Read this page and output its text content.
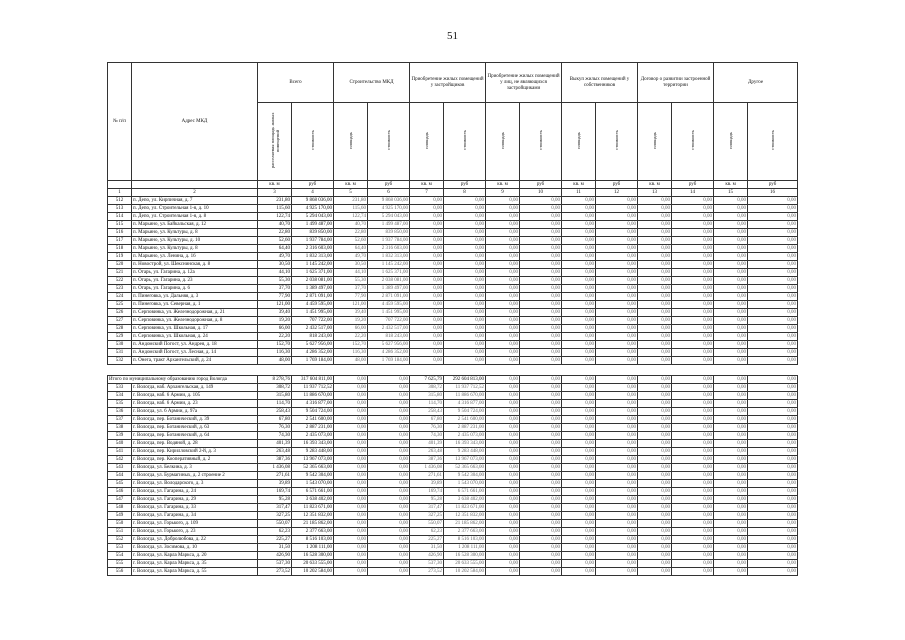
51
№ п/п	Адрес МКД	Всего		Строительство МКД		Приобретение жилых помещений у застройщиков		Приобретение жилых помещений у лиц, не являющихся застройщиками		Выкуп жилых помещений у собственников		Договор о развитии застроенной территории		Другое	
		расселяемая площадь жилых помещений	стоимость	площадь	стоимость	площадь	стоимость	площадь	стоимость	площадь	стоимость	площадь	стоимость	площадь	стоимость
		кв. м	руб	кв. м	руб	кв. м	руб	кв. м	руб	кв. м	руб	кв. м	руб	кв. м	руб
1	2	3	4	5	6	7	8	9	10	11	12	13	14	15	16
512	п. Депо, ул. Кирпичная, д. 7	231,80	9 868 036,00	231,80	9 868 036,00	0,00	0,00	0,00	0,00	0,00	0,00	0,00	0,00	0,00	0,00
513	п. Депо, ул. Строительная 1-я, д. 10	115,60	4 925 170,00	115,60	4 925 170,00	0,00	0,00	0,00	0,00	0,00	0,00	0,00	0,00	0,00	0,00
514	п. Депо, ул. Строительная 1-я, д. 8	122,74	5 294 043,00	122,74	5 294 043,00	0,00	0,00	0,00	0,00	0,00	0,00	0,00	0,00	0,00	0,00
515	п. Марьино, ул. Байкальская, д. 12	40,70	1 499 487,00	40,70	1 499 487,00	0,00	0,00	0,00	0,00	0,00	0,00	0,00	0,00	0,00	0,00
516	п. Марьино, ул. Культуры, д. 8	22,80	839 850,00	22,80	839 850,00	0,00	0,00	0,00	0,00	0,00	0,00	0,00	0,00	0,00	0,00
517	п. Марьино, ул. Культуры, д. 10	52,60	1 937 784,00	52,60	1 937 784,00	0,00	0,00	0,00	0,00	0,00	0,00	0,00	0,00	0,00	0,00
518	п. Марьино, ул. Культуры, д. 8	64,40	2 316 603,00	64,40	2 316 603,00	0,00	0,00	0,00	0,00	0,00	0,00	0,00	0,00	0,00	0,00
519	п. Марьино, ул. Ленина, д. 16	49,70	1 832 313,00	49,70	1 832 313,00	0,00	0,00	0,00	0,00	0,00	0,00	0,00	0,00	0,00	0,00
520	п. Новострой, ул. Шекснинская, д. 8	30,50	1 145 242,00	30,50	1 145 242,00	0,00	0,00	0,00	0,00	0,00	0,00	0,00	0,00	0,00	0,00
521	п. Огарь, ул. Гагарина, д. 12а	44,10	1 625 371,00	44,10	1 625 371,00	0,00	0,00	0,00	0,00	0,00	0,00	0,00	0,00	0,00	0,00
522	п. Огарь, ул. Гагарина, д. 23	55,30	2 038 081,00	55,30	2 038 081,00	0,00	0,00	0,00	0,00	0,00	0,00	0,00	0,00	0,00	0,00
523	п. Огарь, ул. Гагарина, д. 6	37,70	1 389 497,00	37,70	1 389 497,00	0,00	0,00	0,00	0,00	0,00	0,00	0,00	0,00	0,00	0,00
524	п. Пинеговка, ул. Дальняя, д. 3	77,90	2 871 091,00	77,90	2 871 091,00	0,00	0,00	0,00	0,00	0,00	0,00	0,00	0,00	0,00	0,00
525	п. Пинеговка, ул. Северная, д. 1	121,00	4 459 595,00	121,00	4 459 595,00	0,00	0,00	0,00	0,00	0,00	0,00	0,00	0,00	0,00	0,00
526	п. Серповинка, ул. Железнодорожная, д. 21	39,40	1 451 995,00	39,40	1 451 995,00	0,00	0,00	0,00	0,00	0,00	0,00	0,00	0,00	0,00	0,00
527	п. Серповинка, ул. Железнодорожная, д. 8	19,20	707 722,00	19,20	707 722,00	0,00	0,00	0,00	0,00	0,00	0,00	0,00	0,00	0,00	0,00
528	п. Серповинка, ул. Школьная, д. 17	66,00	2 432 517,00	66,00	2 432 517,00	0,00	0,00	0,00	0,00	0,00	0,00	0,00	0,00	0,00	0,00
529	п. Серповинка, ул. Школьная, д. 24	22,20	818 243,00	22,20	818 243,00	0,00	0,00	0,00	0,00	0,00	0,00	0,00	0,00	0,00	0,00
530	п. Андомский Погост, ул. Андрея, д. 18	152,70	5 627 956,00	152,70	5 627 956,00	0,00	0,00	0,00	0,00	0,00	0,00	0,00	0,00	0,00	0,00
531	п. Андомский Погост, ул. Лесная, д. 14	116,30	4 286 352,00	116,30	4 286 352,00	0,00	0,00	0,00	0,00	0,00	0,00	0,00	0,00	0,00	0,00
532	п. Онега, тракт Архангельский, д. 24	48,00	1 769 184,00	48,00	1 769 184,00	0,00	0,00	0,00	0,00	0,00	0,00	0,00	0,00	0,00	0,00

Итого по муниципальному образованию город Вологда		8 278,76	317 604 811,00	0,00	0,00	7 625,79	292 604 813,00	0,00	0,00	0,00	0,00	0,00	0,00	0,00	0,00
533	г. Вологда, наб. Архангельская, д. 149	308,72	11 937 712,52	0,00	0,00	308,72	11 937 712,52	0,00	0,00	0,00	0,00	0,00	0,00	0,00	0,00
534	г. Вологда, наб. 6 Армии, д. 105	315,80	11 886 670,00	0,00	0,00	315,80	11 886 670,00	0,00	0,00	0,00	0,00	0,00	0,00	0,00	0,00
535	г. Вологда, наб. 6 Армии, д. 23	114,70	4 316 877,00	0,00	0,00	114,70	4 316 877,00	0,00	0,00	0,00	0,00	0,00	0,00	0,00	0,00
536	г. Вологда, ул. 6 Армии, д. 97а	258,43	9 504 724,00	0,00	0,00	258,43	9 504 724,00	0,00	0,00	0,00	0,00	0,00	0,00	0,00	0,00
537	г. Вологда, пер. Ботанический, д. 39	67,80	2 541 600,00	0,00	0,00	67,80	2 541 600,00	0,00	0,00	0,00	0,00	0,00	0,00	0,00	0,00
538	г. Вологда, пер. Ботанический, д. 63	76,30	2 887 231,00	0,00	0,00	76,30	2 887 231,00	0,00	0,00	0,00	0,00	0,00	0,00	0,00	0,00
539	г. Вологда, пер. Ботанический, д. 64	74,30	2 435 073,00	0,00	0,00	74,30	2 435 073,00	0,00	0,00	0,00	0,00	0,00	0,00	0,00	0,00
540	г. Вологда, пер. Водяной, д. 28	401,39	16 393 343,00	0,00	0,00	401,39	16 393 343,00	0,00	0,00	0,00	0,00	0,00	0,00	0,00	0,00
541	г. Вологда, пер. Кирилловский 2-й, д. 3	263,48	9 283 448,00	0,00	0,00	263,48	9 283 448,00	0,00	0,00	0,00	0,00	0,00	0,00	0,00	0,00
542	г. Вологда, пер. Кооперативный, д. 2	387,36	13 967 073,00	0,00	0,00	387,36	13 967 073,00	0,00	0,00	0,00	0,00	0,00	0,00	0,00	0,00
543	г. Вологда, ул. Белкина, д. 3	1 436,08	52 365 663,00	0,00	0,00	1 436,08	52 365 663,00	0,00	0,00	0,00	0,00	0,00	0,00	0,00	0,00
544	г. Вологда, ул. Бурмагиных, д. 2 строение 2	271,61	9 542 304,00	0,00	0,00	271,61	9 542 304,00	0,00	0,00	0,00	0,00	0,00	0,00	0,00	0,00
545	г. Вологда, ул. Володарского, д. 3	39,89	1 543 070,00	0,00	0,00	39,89	1 543 070,00	0,00	0,00	0,00	0,00	0,00	0,00	0,00	0,00
546	г. Вологда, ул. Гагарина, д. 24	169,74	6 571 661,00	0,00	0,00	169,74	6 571 661,00	0,00	0,00	0,00	0,00	0,00	0,00	0,00	0,00
547	г. Вологда, ул. Гагарина, д. 29	95,28	3 638 402,00	0,00	0,00	95,28	3 638 402,00	0,00	0,00	0,00	0,00	0,00	0,00	0,00	0,00
548	г. Вологда, ул. Гагарина, д. 33	317,47	11 823 671,00	0,00	0,00	317,47	11 823 671,00	0,00	0,00	0,00	0,00	0,00	0,00	0,00	0,00
549	г. Вологда, ул. Гагарина, д. 34	327,25	12 351 832,00	0,00	0,00	327,25	12 351 832,00	0,00	0,00	0,00	0,00	0,00	0,00	0,00	0,00
550	г. Вологда, ул. Горького, д. 109	550,07	21 185 862,00	0,00	0,00	550,07	21 185 862,00	0,00	0,00	0,00	0,00	0,00	0,00	0,00	0,00
551	г. Вологда, ул. Горького, д. 23	62,23	2 377 663,00	0,00	0,00	62,23	2 377 663,00	0,00	0,00	0,00	0,00	0,00	0,00	0,00	0,00
552	г. Вологда, ул. Добролюбова, д. 22	225,27	8 516 103,00	0,00	0,00	225,27	8 516 103,00	0,00	0,00	0,00	0,00	0,00	0,00	0,00	0,00
553	г. Вологда, ул. Зосимова, д. 10	31,50	1 208 111,00	0,00	0,00	31,50	1 208 111,00	0,00	0,00	0,00	0,00	0,00	0,00	0,00	0,00
554	г. Вологда, ул. Карла Маркса, д. 20	426,90	16 528 300,00	0,00	0,00	426,90	16 528 300,00	0,00	0,00	0,00	0,00	0,00	0,00	0,00	0,00
555	г. Вологда, ул. Карла Маркса, д. 35	537,30	20 633 555,00	0,00	0,00	537,30	20 633 555,00	0,00	0,00	0,00	0,00	0,00	0,00	0,00	0,00
556	г. Вологда, ул. Карла Маркса, д. 55	273,52	10 202 584,00	0,00	0,00	273,52	10 202 584,00	0,00	0,00	0,00	0,00	0,00	0,00	0,00	0,00
